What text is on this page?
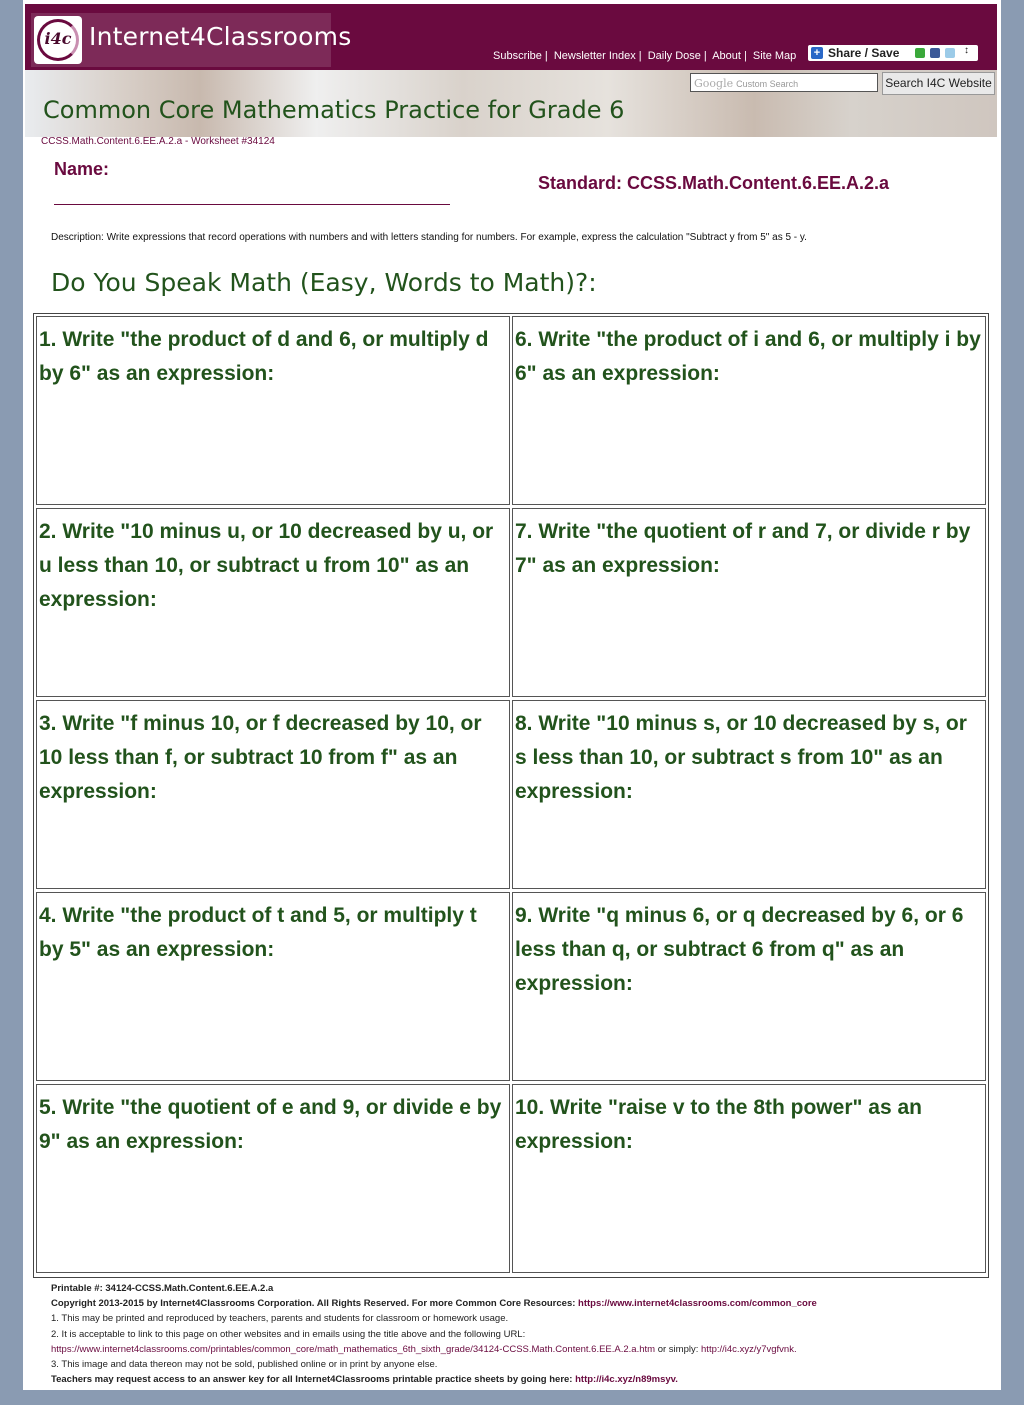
i4c Internet4Classrooms
Subscribe | Newsletter Index | Daily Dose | About | Site Map + Share / Save	↕
Google Custom Search	Search I4C Website
Common Core Mathematics Practice for Grade 6
CCSS.Math.Content.6.EE.A.2.a - Worksheet #34124
Name:
Standard: CCSS.Math.Content.6.EE.A.2.a
Description: Write expressions that record operations with numbers and with letters standing for numbers. For example, express the calculation "Subtract y from 5" as 5 - y.
Do You Speak Math (Easy, Words to Math)?:
1. Write "the product of d and 6, or multiply d by 6" as an expression:
2. Write "10 minus u, or 10 decreased by u, or u less than 10, or subtract u from 10" as an expression:
3. Write "f minus 10, or f decreased by 10, or 10 less than f, or subtract 10 from f" as an expression:
4. Write "the product of t and 5, or multiply t by 5" as an expression:
5. Write "the quotient of e and 9, or divide e by 9" as an expression:
6. Write "the product of i and 6, or multiply i by 6" as an expression:
7. Write "the quotient of r and 7, or divide r by 7" as an expression:
8. Write "10 minus s, or 10 decreased by s, or s less than 10, or subtract s from 10" as an expression:
9. Write "q minus 6, or q decreased by 6, or 6 less than q, or subtract 6 from q" as an expression:
10. Write "raise v to the 8th power" as an expression:
Printable #: 34124-CCSS.Math.Content.6.EE.A.2.a
Copyright 2013-2015 by Internet4Classrooms Corporation. All Rights Reserved. For more Common Core Resources: https://www.internet4classrooms.com/common_core
1. This may be printed and reproduced by teachers, parents and students for classroom or homework usage.
2. It is acceptable to link to this page on other websites and in emails using the title above and the following URL:
https://www.internet4classrooms.com/printables/common_core/math_mathematics_6th_sixth_grade/34124-CCSS.Math.Content.6.EE.A.2.a.htm or simply: http://i4c.xyz/y7vgfvnk.
3. This image and data thereon may not be sold, published online or in print by anyone else.
Teachers may request access to an answer key for all Internet4Classrooms printable practice sheets by going here: http://i4c.xyz/n89msyv.
